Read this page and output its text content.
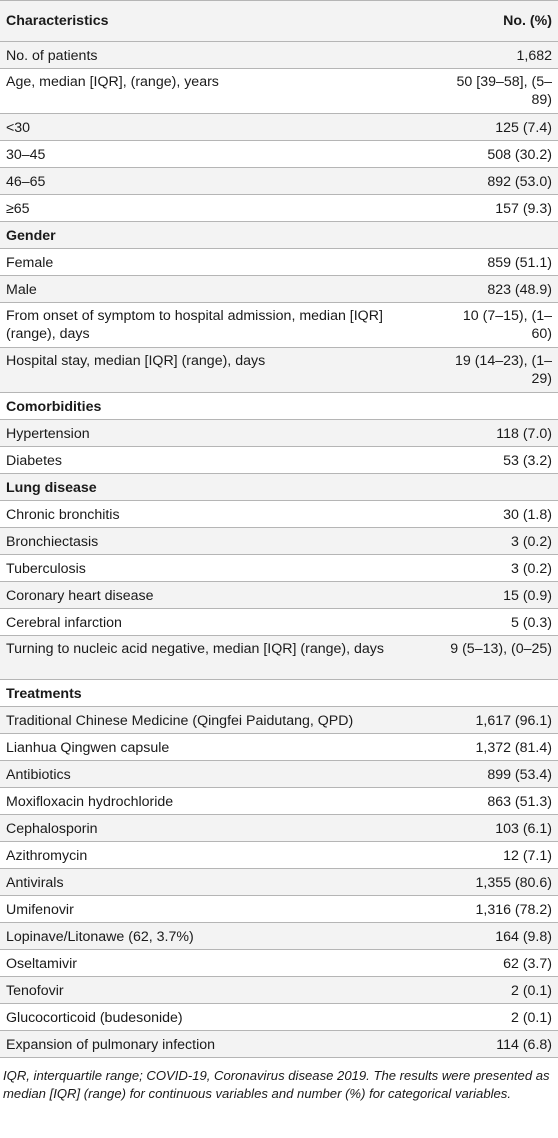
Characteristics	No. (%)
No. of patients	1,682
Age, median [IQR], (range), years	50 [39–58], (5–89)
<30	125 (7.4)
30–45	508 (30.2)
46–65	892 (53.0)
≥65	157 (9.3)
Gender	
Female	859 (51.1)
Male	823 (48.9)
From onset of symptom to hospital admission, median [IQR] (range), days	10 (7–15), (1–60)
Hospital stay, median [IQR] (range), days	19 (14–23), (1–29)
Comorbidities	
Hypertension	118 (7.0)
Diabetes	53 (3.2)
Lung disease	
Chronic bronchitis	30 (1.8)
Bronchiectasis	3 (0.2)
Tuberculosis	3 (0.2)
Coronary heart disease	15 (0.9)
Cerebral infarction	5 (0.3)
Turning to nucleic acid negative, median [IQR] (range), days	9 (5–13), (0–25)
Treatments	
Traditional Chinese Medicine (Qingfei Paidutang, QPD)	1,617 (96.1)
Lianhua Qingwen capsule	1,372 (81.4)
Antibiotics	899 (53.4)
Moxifloxacin hydrochloride	863 (51.3)
Cephalosporin	103 (6.1)
Azithromycin	12 (7.1)
Antivirals	1,355 (80.6)
Umifenovir	1,316 (78.2)
Lopinave/Litonawe (62, 3.7%)	164 (9.8)
Oseltamivir	62 (3.7)
Tenofovir	2 (0.1)
Glucocorticoid (budesonide)	2 (0.1)
Expansion of pulmonary infection	114 (6.8)
IQR, interquartile range; COVID-19, Coronavirus disease 2019. The results were presented as median [IQR] (range) for continuous variables and number (%) for categorical variables.
